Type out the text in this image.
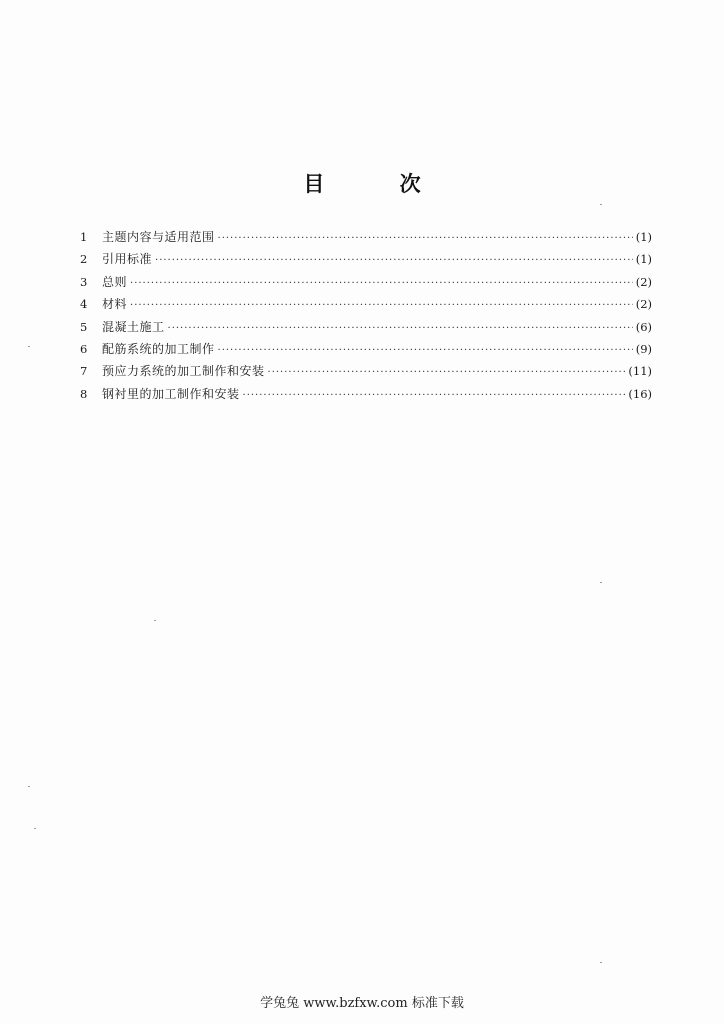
目 次
1	主题内容与适用范围 ·····	(1)
2	引用标准 ·····	(1)
3	总则 ·····	(2)
4	材料 ·····	(2)
5	混凝土施工 ·····	(6)
6	配筋系统的加工制作 ·····	(9)
7	预应力系统的加工制作和安装 ·····	(11)
8	钢衬里的加工制作和安装 ·····	(16)
学兔兔 www.bzfxw.com 标准下载
